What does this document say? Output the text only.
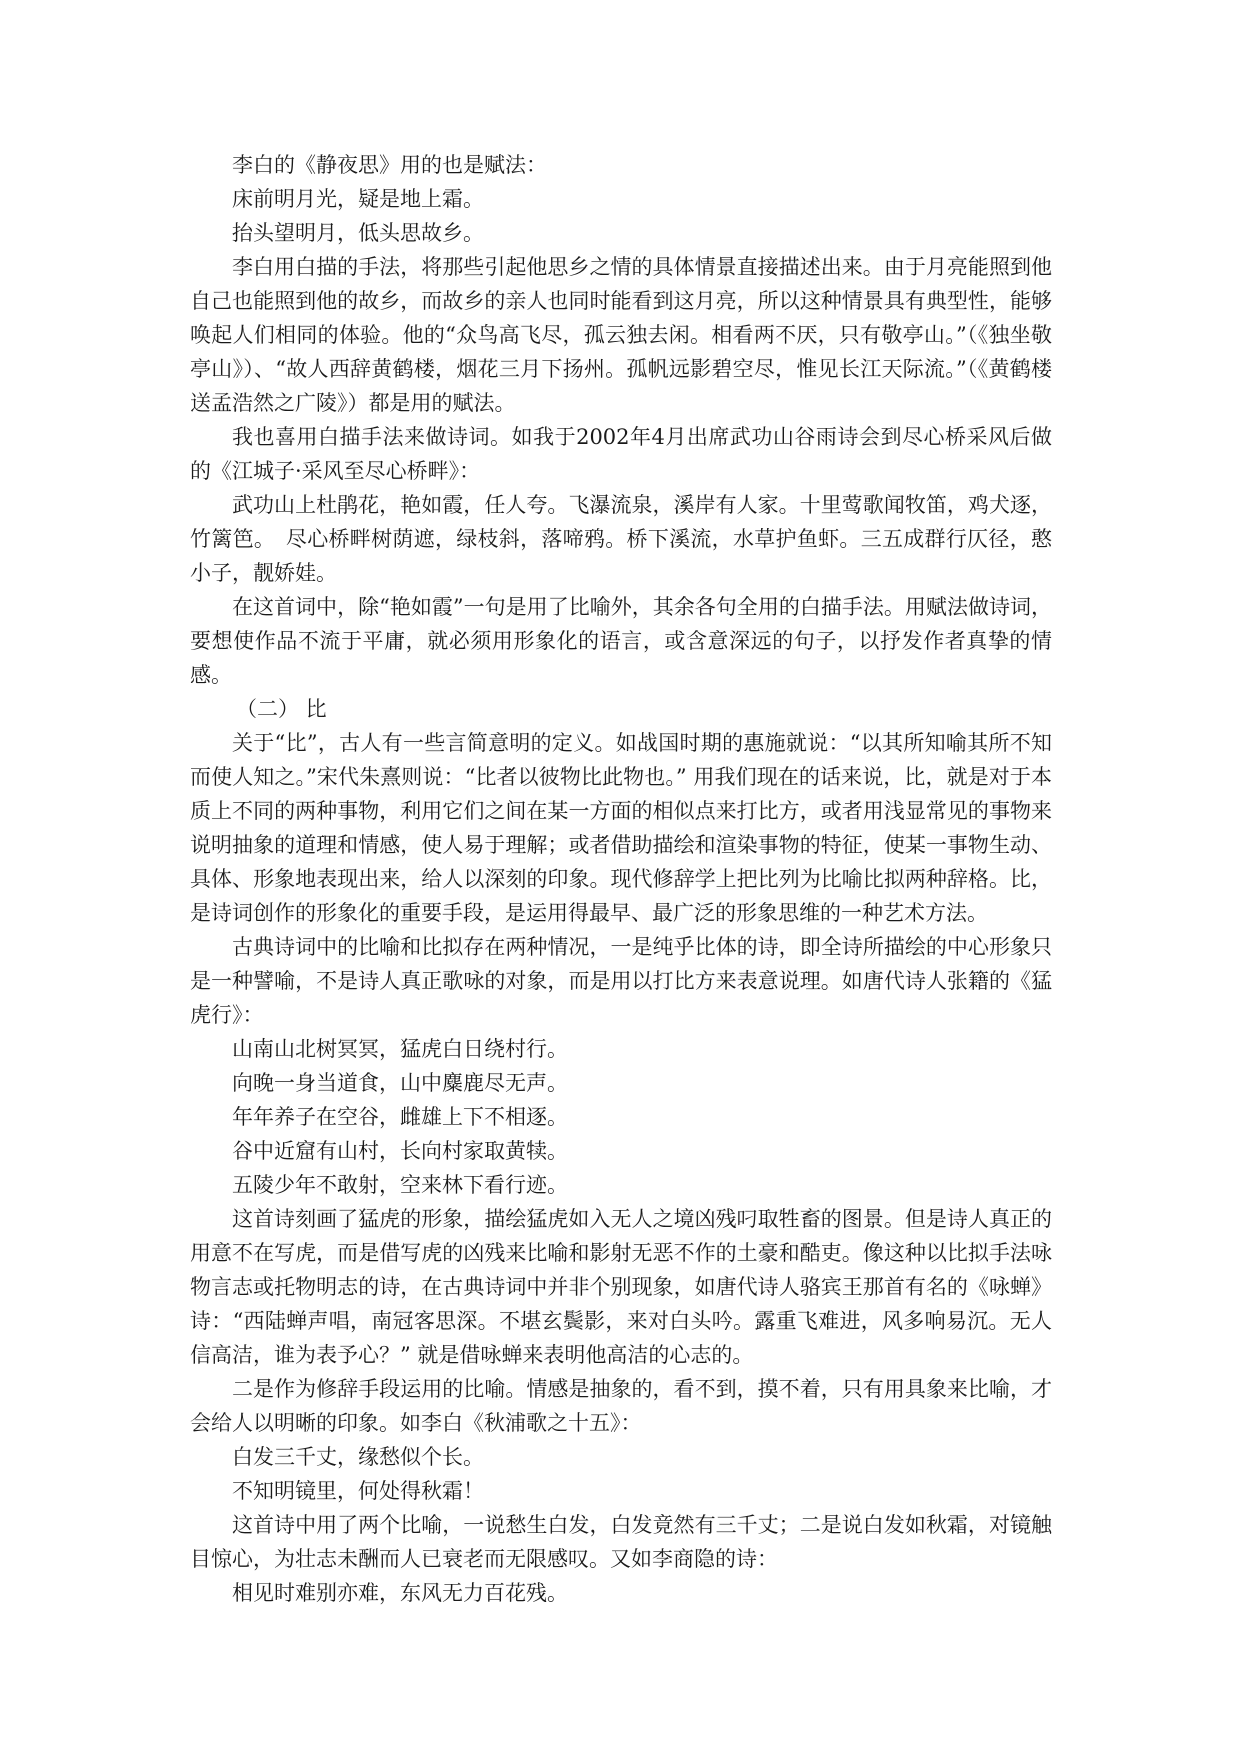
李白的《静夜思》用的也是赋法：

床前明月光，疑是地上霜。

抬头望明月，低头思故乡。

李白用白描的手法，将那些引起他思乡之情的具体情景直接描述出来。由于月亮能照到他自己也能照到他的故乡，而故乡的亲人也同时能看到这月亮，所以这种情景具有典型性，能够唤起人们相同的体验。他的“众鸟高飞尽，孤云独去闲。相看两不厌，只有敬亭山。”（《独坐敬亭山》）、“故人西辞黄鹤楼，烟花三月下扬州。孤帆远影碧空尽，惟见长江天际流。”（《黄鹤楼送孟浩然之广陵》）都是用的赋法。

我也喜用白描手法来做诗词。如我于2002年4月出席武功山谷雨诗会到尽心桥采风后做的《江城子·采风至尽心桥畔》：

武功山上杜鹃花，艳如霞，任人夸。飞瀑流泉，溪岸有人家。十里莺歌闻牧笛，鸡犬逐，竹篱笆。　尽心桥畔树荫遮，绿枝斜，落啼鸦。桥下溪流，水草护鱼虾。三五成群行仄径，憨小子，靓娇娃。

在这首词中，除“艳如霞”一句是用了比喻外，其余各句全用的白描手法。用赋法做诗词，要想使作品不流于平庸，就必须用形象化的语言，或含意深远的句子，以抒发作者真挚的情感。

（二） 比

关于“比”，古人有一些言简意明的定义。如战国时期的惠施就说：“以其所知喻其所不知而使人知之。”宋代朱熹则说：“比者以彼物比此物也。” 用我们现在的话来说，比，就是对于本质上不同的两种事物，利用它们之间在某一方面的相似点来打比方，或者用浅显常见的事物来说明抽象的道理和情感，使人易于理解；或者借助描绘和渲染事物的特征，使某一事物生动、具体、形象地表现出来，给人以深刻的印象。现代修辞学上把比列为比喻比拟两种辞格。比，是诗词创作的形象化的重要手段，是运用得最早、最广泛的形象思维的一种艺术方法。

古典诗词中的比喻和比拟存在两种情况，一是纯乎比体的诗，即全诗所描绘的中心形象只是一种譬喻，不是诗人真正歌咏的对象，而是用以打比方来表意说理。如唐代诗人张籍的《猛虎行》：

山南山北树冥冥，猛虎白日绕村行。

向晚一身当道食，山中麋鹿尽无声。

年年养子在空谷，雌雄上下不相逐。

谷中近窟有山村，长向村家取黄犊。

五陵少年不敢射，空来林下看行迹。

这首诗刻画了猛虎的形象，描绘猛虎如入无人之境凶残叼取牲畜的图景。但是诗人真正的用意不在写虎，而是借写虎的凶残来比喻和影射无恶不作的土豪和酷吏。像这种以比拟手法咏物言志或托物明志的诗，在古典诗词中并非个别现象，如唐代诗人骆宾王那首有名的《咏蝉》诗：“西陆蝉声唱，南冠客思深。不堪玄鬓影，来对白头吟。露重飞难进，风多响易沉。无人信高洁，谁为表予心？” 就是借咏蝉来表明他高洁的心志的。

二是作为修辞手段运用的比喻。情感是抽象的，看不到，摸不着，只有用具象来比喻，才会给人以明晰的印象。如李白《秋浦歌之十五》：

白发三千丈，缘愁似个长。

不知明镜里，何处得秋霜！

这首诗中用了两个比喻，一说愁生白发，白发竟然有三千丈；二是说白发如秋霜，对镜触目惊心，为壮志未酬而人已衰老而无限感叹。又如李商隐的诗：

相见时难别亦难，东风无力百花残。
